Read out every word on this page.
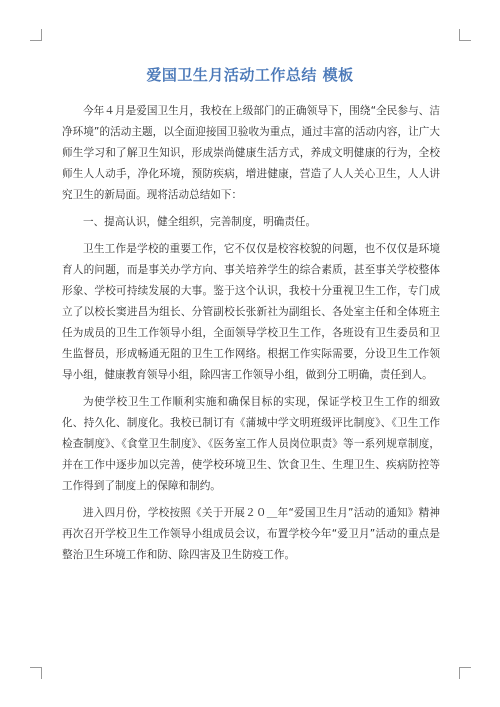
爱国卫生月活动工作总结 模板

今年４月是爱国卫生月，我校在上级部门的正确领导下，围绕“全民参与、洁净环境”的活动主题，以全面迎接国卫验收为重点，通过丰富的活动内容，让广大师生学习和了解卫生知识，形成崇尚健康生活方式，养成文明健康的行为，全校师生人人动手，净化环境，预防疾病，增进健康，营造了人人关心卫生，人人讲究卫生的新局面。现将活动总结如下：

一、提高认识，健全组织，完善制度，明确责任。

卫生工作是学校的重要工作，它不仅仅是校容校貌的问题，也不仅仅是环境育人的问题，而是事关办学方向、事关培养学生的综合素质，甚至事关学校整体形象、学校可持续发展的大事。鉴于这个认识，我校十分重视卫生工作，专门成立了以校长窦进昌为组长、分管副校长张新社为副组长、各处室主任和全体班主任为成员的卫生工作领导小组，全面领导学校卫生工作，各班设有卫生委员和卫生监督员，形成畅通无阻的卫生工作网络。根据工作实际需要，分设卫生工作领导小组，健康教育领导小组，除四害工作领导小组，做到分工明确，责任到人。

为使学校卫生工作顺利实施和确保目标的实现，保证学校卫生工作的细致化、持久化、制度化。我校已制订有《蒲城中学文明班级评比制度》、《卫生工作检查制度》、《食堂卫生制度》、《医务室工作人员岗位职责》等一系列规章制度，并在工作中逐步加以完善，使学校环境卫生、饮食卫生、生理卫生、疾病防控等工作得到了制度上的保障和制约。

进入四月份，学校按照《关于开展２０＿年“爱国卫生月”活动的通知》精神再次召开学校卫生工作领导小组成员会议，布置学校今年“爱卫月”活动的重点是整治卫生环境工作和防、除四害及卫生防疫工作。
